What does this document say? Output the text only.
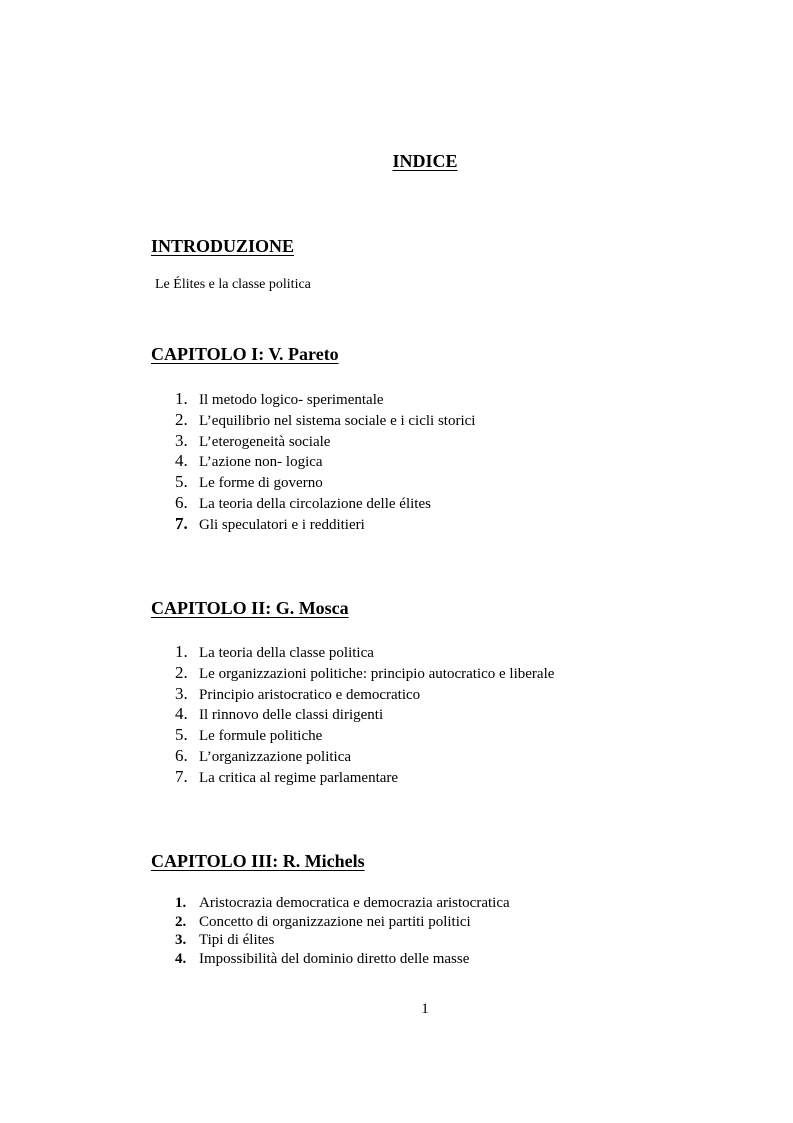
INDICE
INTRODUZIONE
Le Élites e la classe politica
CAPITOLO I: V. Pareto
1. Il metodo logico- sperimentale
2. L’equilibrio nel sistema sociale e i cicli storici
3. L’eterogeneità sociale
4. L’azione non- logica
5. Le forme di governo
6. La teoria della circolazione delle élites
7. Gli speculatori e i redditieri
CAPITOLO II: G. Mosca
1. La teoria della classe politica
2. Le organizzazioni politiche: principio autocratico e liberale
3. Principio aristocratico e democratico
4. Il rinnovo delle classi dirigenti
5. Le formule politiche
6. L’organizzazione politica
7. La critica al regime parlamentare
CAPITOLO III: R. Michels
1. Aristocrazia democratica e democrazia aristocratica
2. Concetto di organizzazione nei partiti politici
3. Tipi di élites
4. Impossibilità del dominio diretto delle masse
1
